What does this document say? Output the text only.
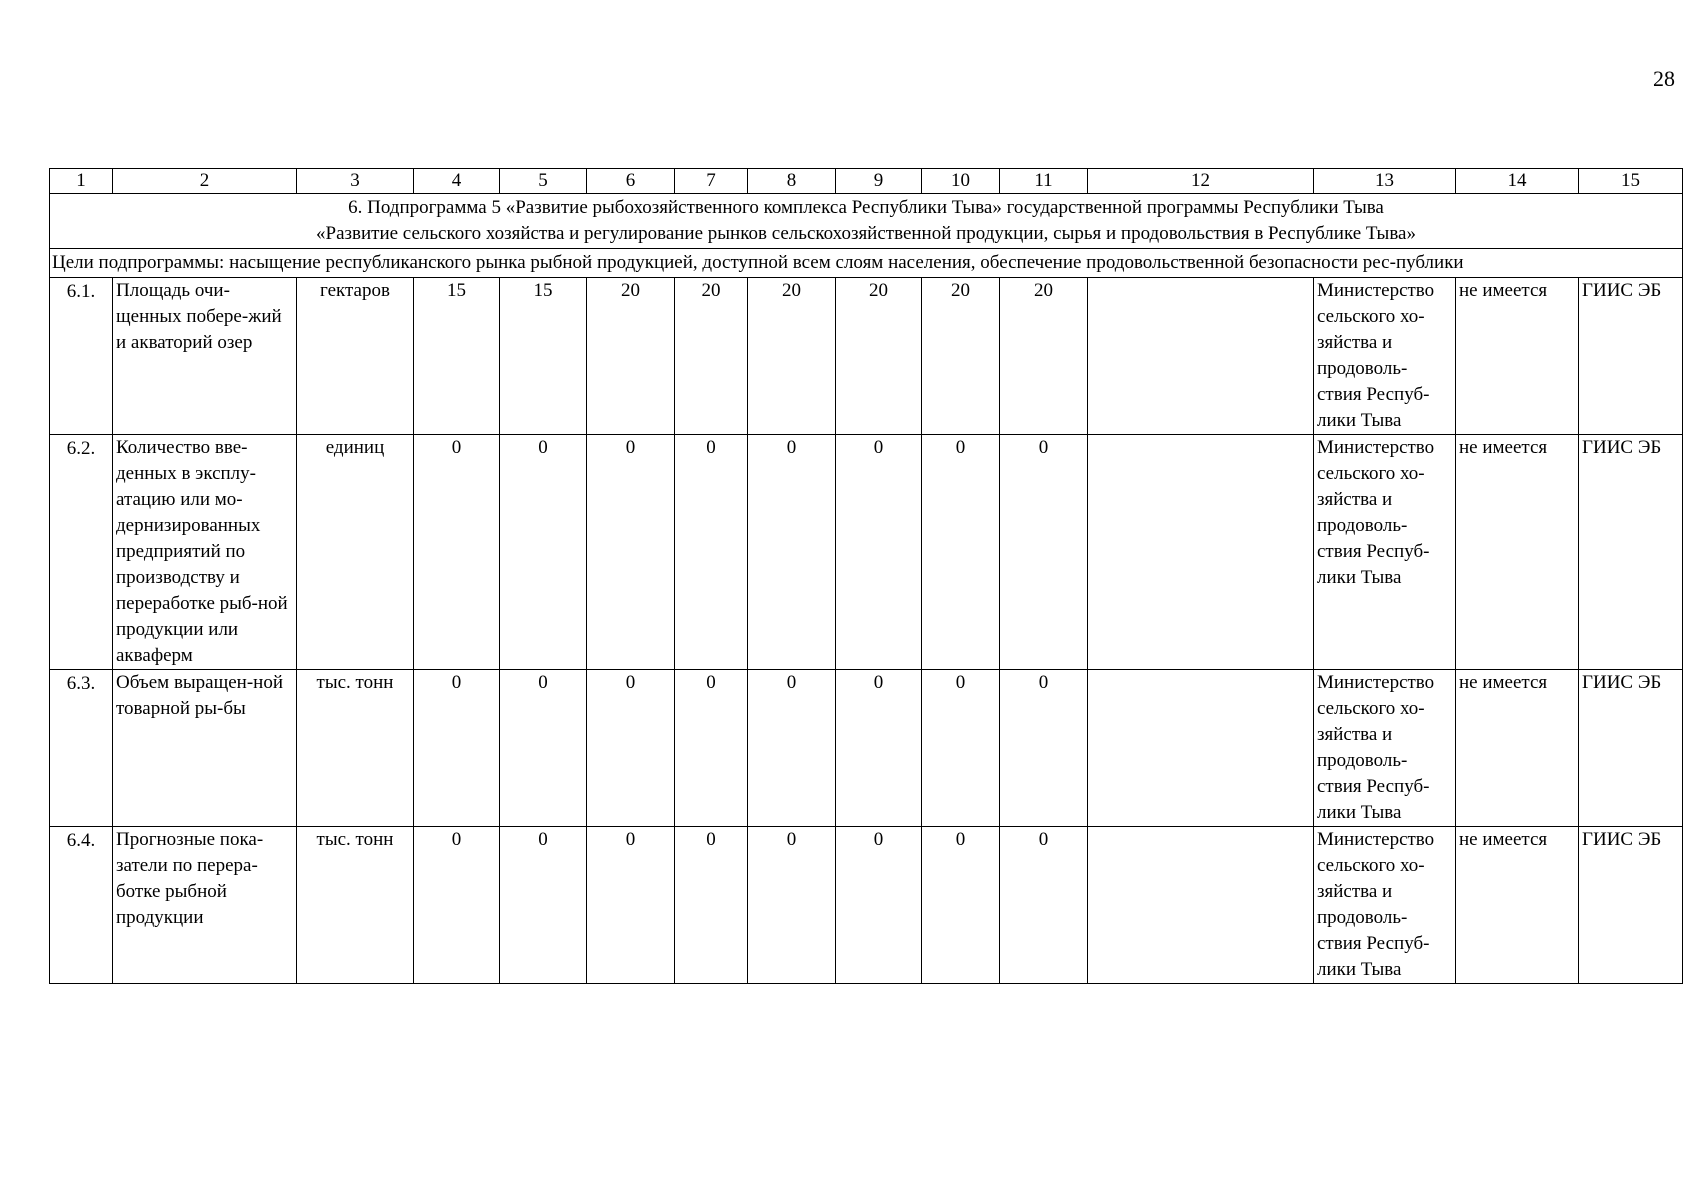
28
1	2	3	4	5	6	7	8	9	10	11	12	13	14	15

6. Подпрограмма 5 «Развитие рыбохозяйственного комплекса Республики Тыва» государственной программы Республики Тыва
«Развитие сельского хозяйства и регулирование рынков сельскохозяйственной продукции, сырья и продовольствия в Республике Тыва»														

Цели подпрограммы: насыщение республиканского рынка рыбной продукцией, доступной всем слоям населения, обеспечение продовольственной безопасности рес-публики														
6.1.	Площадь очи-щенных побере-жий и акваторий озер	гектаров	15	15	20	20	20	20	20	20		Министерство сельского хо-зяйства и продоволь-ствия Респуб-лики Тыва	не имеется	ГИИС ЭБ
6.2.	Количество вве-денных в эксплу-атацию или мо-дернизированных предприятий по производству и переработке рыб-ной продукции или акваферм	единиц	0	0	0	0	0	0	0	0		Министерство сельского хо-зяйства и продоволь-ствия Респуб-лики Тыва	не имеется	ГИИС ЭБ
6.3.	Объем выращен-ной товарной ры-бы	тыс. тонн	0	0	0	0	0	0	0	0		Министерство сельского хо-зяйства и продоволь-ствия Респуб-лики Тыва	не имеется	ГИИС ЭБ
6.4.	Прогнозные пока-затели по перера-ботке рыбной продукции	тыс. тонн	0	0	0	0	0	0	0	0		Министерство сельского хо-зяйства и продоволь-ствия Респуб-лики Тыва	не имеется	ГИИС ЭБ
